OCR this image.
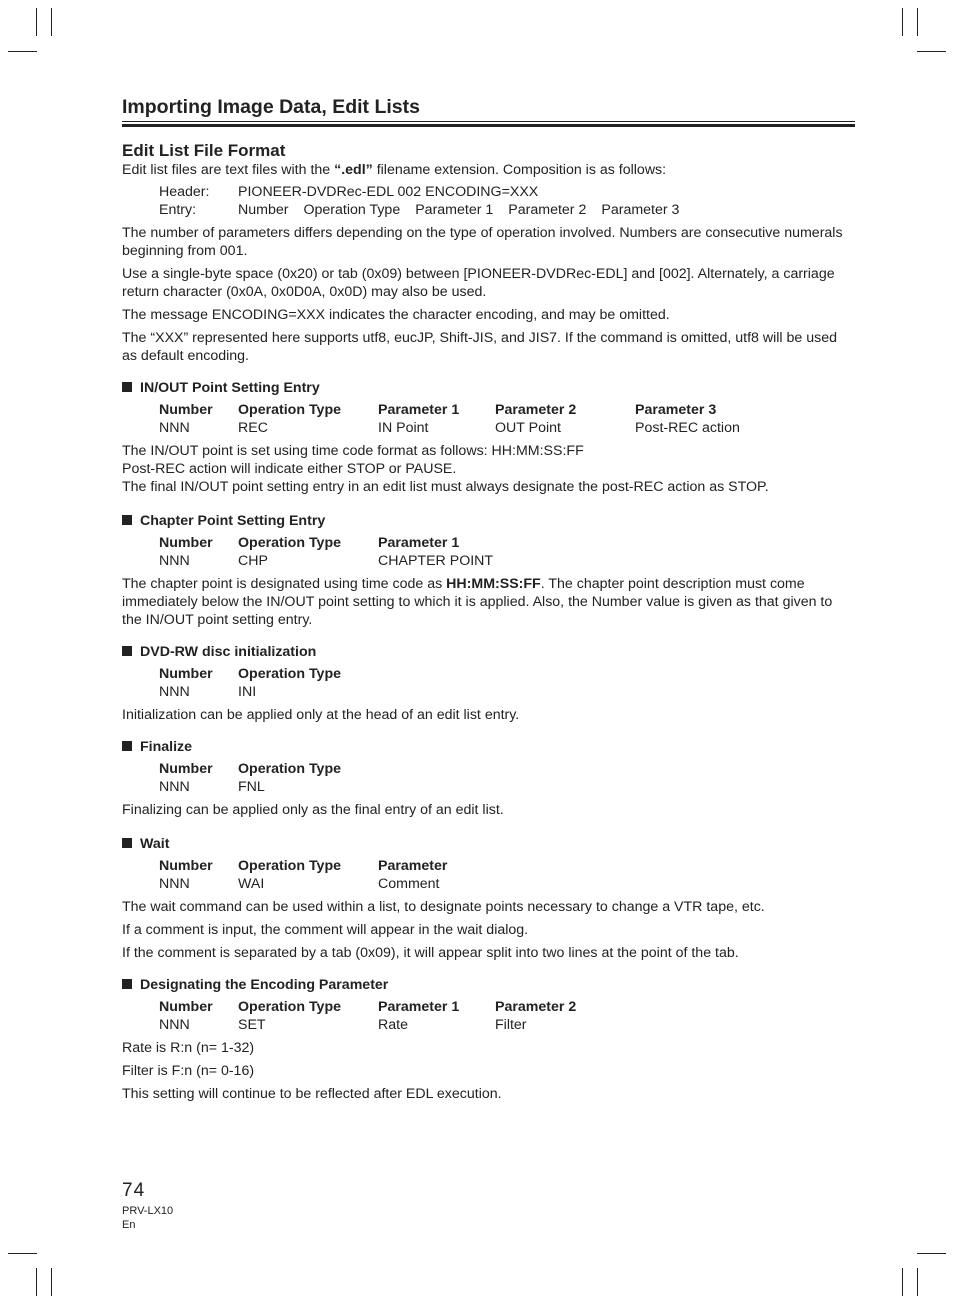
Importing Image Data, Edit Lists
Edit List File Format

Edit list files are text files with the “.edl” filename extension. Composition is as follows:

Header:	PIONEER-DVDRec-EDL 002 ENCODING=XXX
Entry:	Number Operation Type Parameter 1 Parameter 2 Parameter 3

The number of parameters differs depending on the type of operation involved. Numbers are consecutive numerals beginning from 001.

Use a single-byte space (0x20) or tab (0x09) between [PIONEER-DVDRec-EDL] and [002]. Alternately, a carriage return character (0x0A, 0x0D0A, 0x0D) may also be used.

The message ENCODING=XXX indicates the character encoding, and may be omitted.

The “XXX” represented here supports utf8, eucJP, Shift-JIS, and JIS7. If the command is omitted, utf8 will be used as default encoding.

IN/OUT Point Setting Entry
Number	Operation Type	Parameter 1	Parameter 2	Parameter 3
NNN	REC	IN Point	OUT Point	Post-REC action

The IN/OUT point is set using time code format as follows: HH:MM:SS:FF

Post-REC action will indicate either STOP or PAUSE.

The final IN/OUT point setting entry in an edit list must always designate the post-REC action as STOP.

Chapter Point Setting Entry
Number	Operation Type	Parameter 1
NNN	CHP	CHAPTER POINT

The chapter point is designated using time code as HH:MM:SS:FF. The chapter point description must come immediately below the IN/OUT point setting to which it is applied. Also, the Number value is given as that given to the IN/OUT point setting entry.

DVD-RW disc initialization
Number	Operation Type
NNN	INI

Initialization can be applied only at the head of an edit list entry.

Finalize
Number	Operation Type
NNN	FNL

Finalizing can be applied only as the final entry of an edit list.

Wait
Number	Operation Type	Parameter
NNN	WAI	Comment

The wait command can be used within a list, to designate points necessary to change a VTR tape, etc.

If a comment is input, the comment will appear in the wait dialog.

If the comment is separated by a tab (0x09), it will appear split into two lines at the point of the tab.

Designating the Encoding Parameter
Number	Operation Type	Parameter 1	Parameter 2
NNN	SET	Rate	Filter

Rate is R:n (n= 1-32)

Filter is F:n (n= 0-16)

This setting will continue to be reflected after EDL execution.

74
PRV-LX10
En
